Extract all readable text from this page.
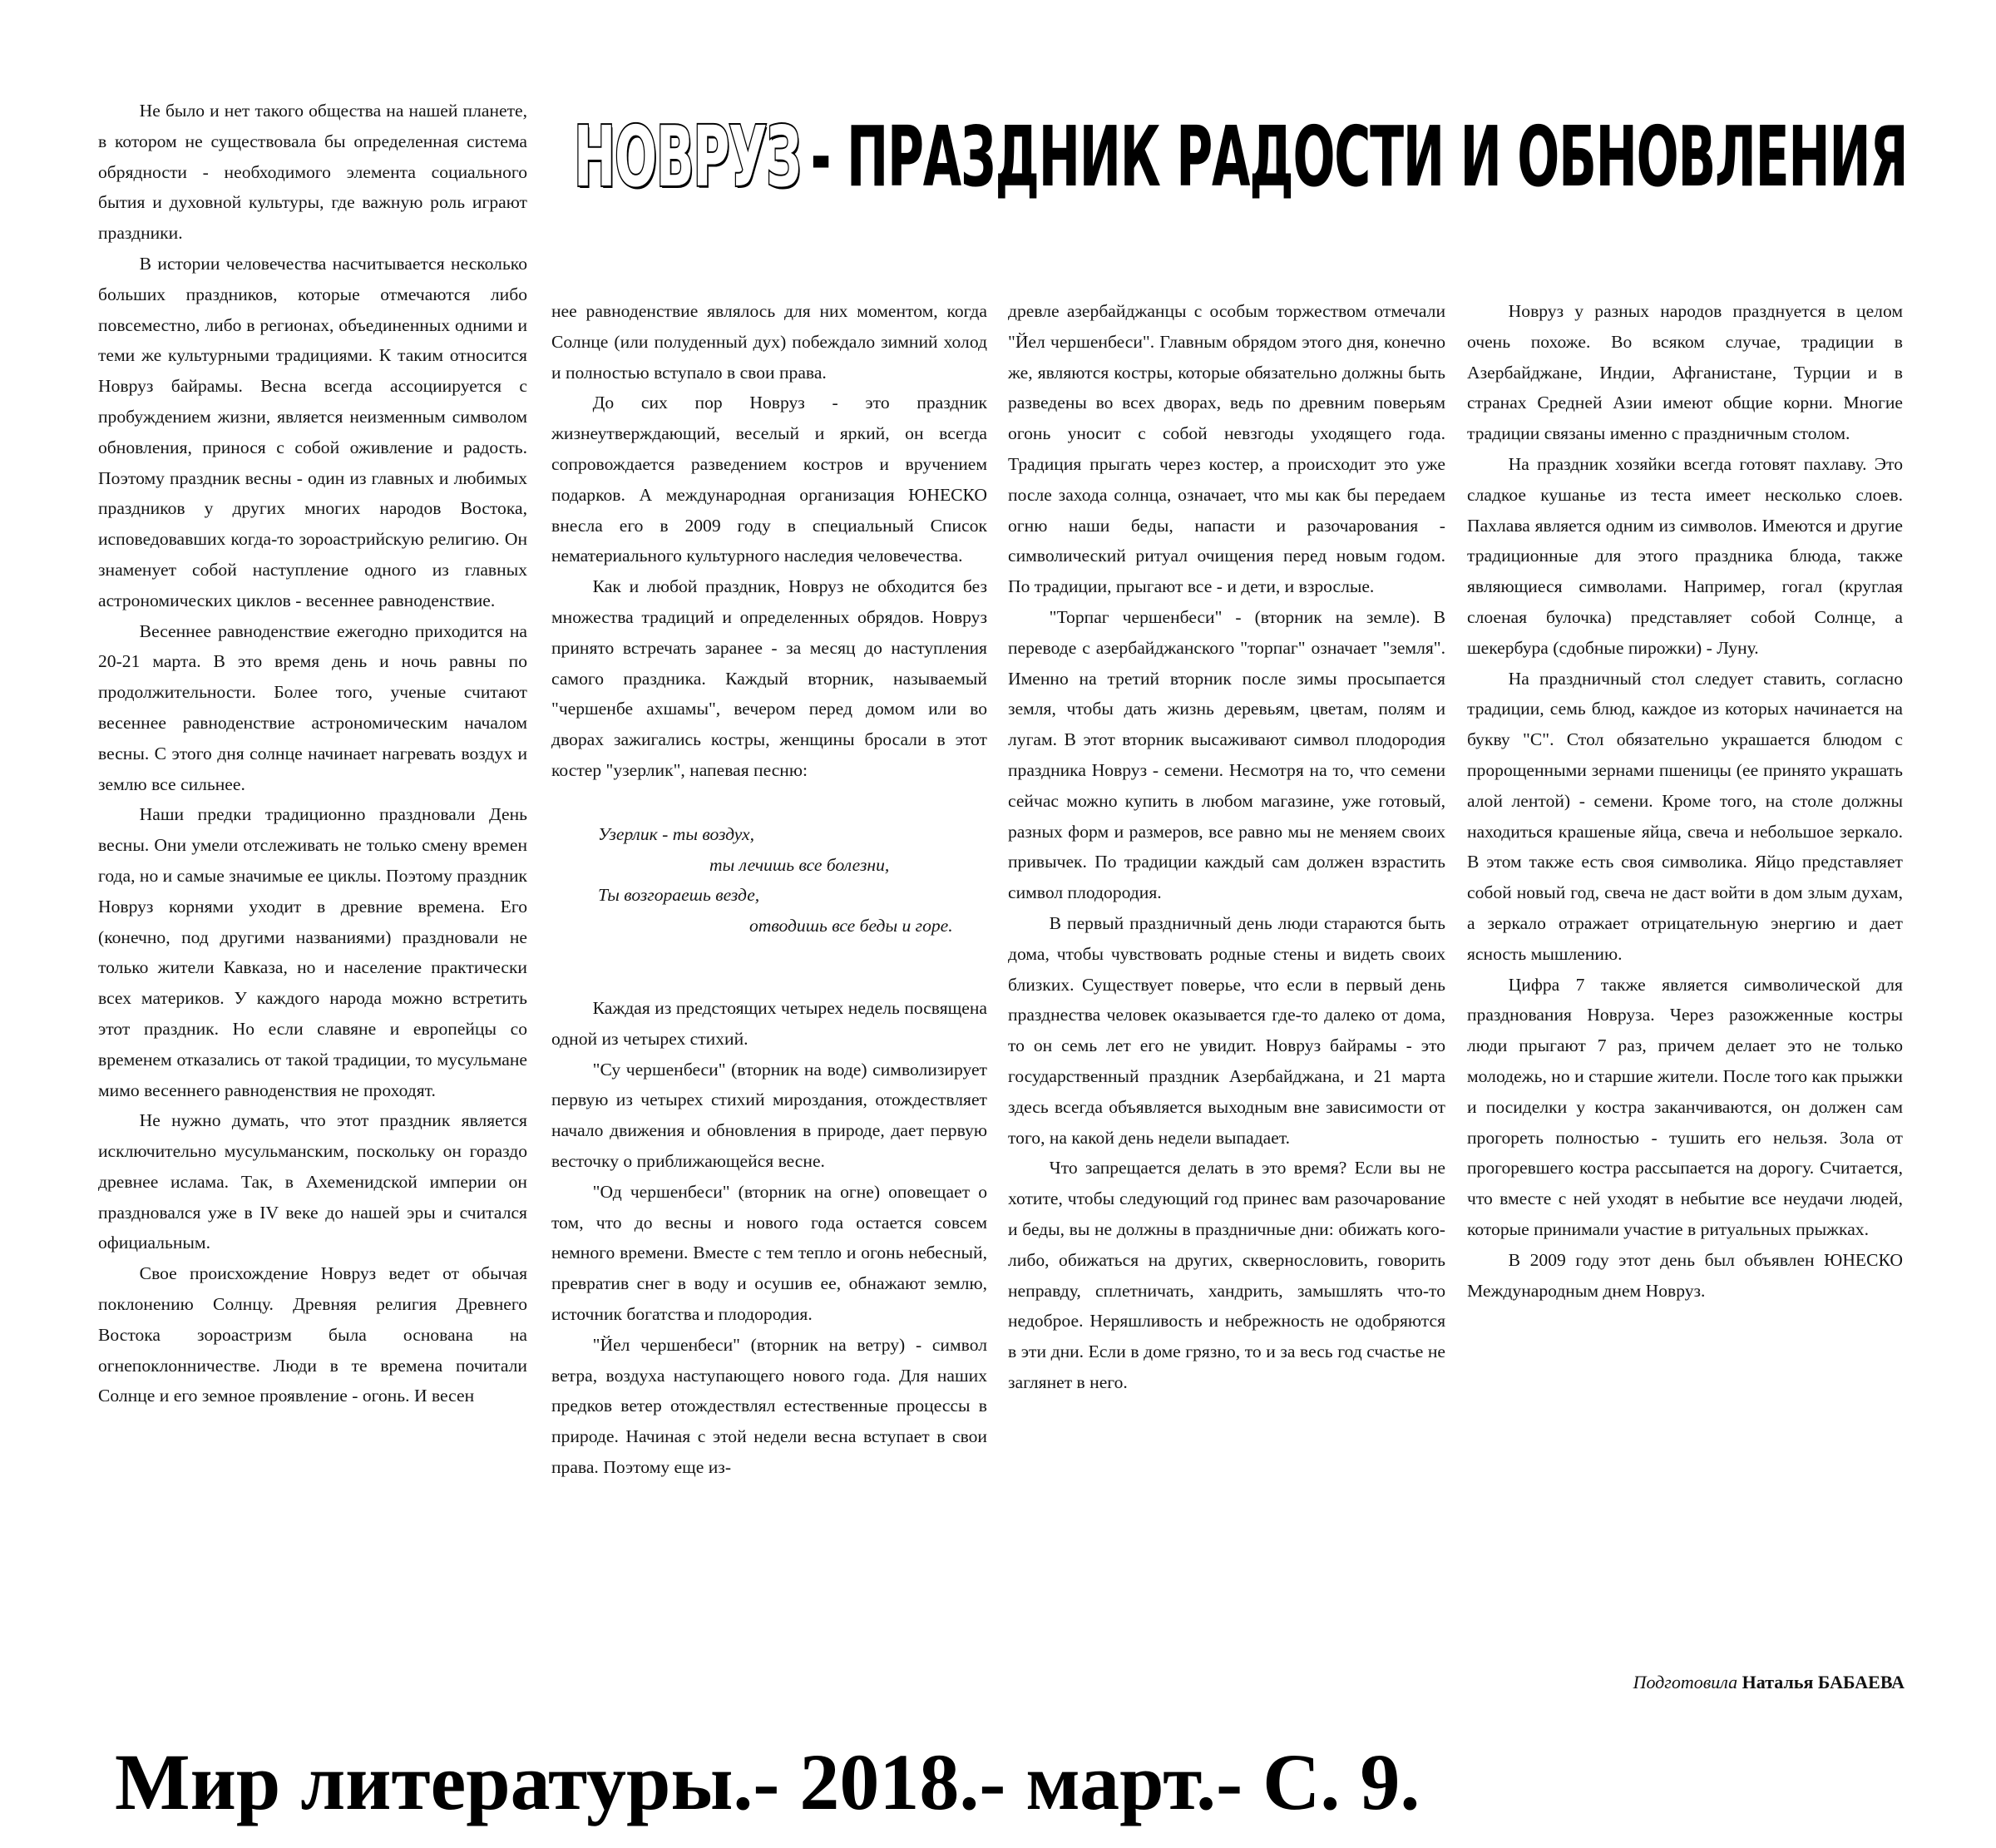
НОВРУЗ - ПРАЗДНИК РАДОСТИ И ОБНОВЛЕНИЯ

Не было и нет такого общества на нашей планете, в котором не существовала бы определенная система обрядности - необходимого элемента социального бытия и духовной культуры, где важную роль играют праздники.

В истории человечества насчитывается несколько больших праздников, которые отмечаются либо повсеместно, либо в регионах, объединенных одними и теми же культурными традициями. К таким относится Новруз байрамы. Весна всегда ассоциируется с пробуждением жизни, является неизменным символом обновления, принося с собой оживление и радость. Поэтому праздник весны - один из главных и любимых праздников у других многих народов Востока, исповедовавших когда-то зороастрийскую религию. Он знаменует собой наступление одного из главных астрономических циклов - весеннее равноденствие.

Весеннее равноденствие ежегодно приходится на 20-21 марта. В это время день и ночь равны по продолжительности. Более того, ученые считают весеннее равноденствие астрономическим началом весны. С этого дня солнце начинает нагревать воздух и землю все сильнее.

Наши предки традиционно праздновали День весны. Они умели отслеживать не только смену времен года, но и самые значимые ее циклы. Поэтому праздник Новруз корнями уходит в древние времена. Его (конечно, под другими названиями) праздновали не только жители Кавказа, но и население практически всех материков. У каждого народа можно встретить этот праздник. Но если славяне и европейцы со временем отказались от такой традиции, то мусульмане мимо весеннего равноденствия не проходят.

Не нужно думать, что этот праздник является исключительно мусульманским, поскольку он гораздо древнее ислама. Так, в Ахеменидской империи он праздновался уже в IV веке до нашей эры и считался официальным.

Свое происхождение Новруз ведет от обычая поклонению Солнцу. Древняя религия Древнего Востока зороастризм была основана на огнепоклонничестве. Люди в те времена почитали Солнце и его земное проявление - огонь. И весен

нее равноденствие являлось для них моментом, когда Солнце (или полуденный дух) побеждало зимний холод и полностью вступало в свои права.

До сих пор Новруз - это праздник жизнеутверждающий, веселый и яркий, он всегда сопровождается разведением костров и вручением подарков. А международная организация ЮНЕСКО внесла его в 2009 году в специальный Список нематериального культурного наследия человечества.

Как и любой праздник, Новруз не обходится без множества традиций и определенных обрядов. Новруз принято встречать заранее - за месяц до наступления самого праздника. Каждый вторник, называемый "чершенбе ахшамы", вечером перед домом или во дворах зажигались костры, женщины бросали в этот костер "узерлик", напевая песню:

Узерлик - ты воздух,
ты лечишь все болезни,
Ты возгораешь везде,
отводишь все беды и горе.

Каждая из предстоящих четырех недель посвящена одной из четырех стихий.

"Су чершенбеси" (вторник на воде) символизирует первую из четырех стихий мироздания, отождествляет начало движения и обновления в природе, дает первую весточку о приближающейся весне.

"Од чершенбеси" (вторник на огне) оповещает о том, что до весны и нового года остается совсем немного времени. Вместе с тем тепло и огонь небесный, превратив снег в воду и осушив ее, обнажают землю, источник богатства и плодородия.

"Йел чершенбеси" (вторник на ветру) - символ ветра, воздуха наступающего нового года. Для наших предков ветер отождествлял естественные процессы в природе. Начиная с этой недели весна вступает в свои права. Поэтому еще из-

древле азербайджанцы с особым торжеством отмечали "Йел чершенбеси". Главным обрядом этого дня, конечно же, являются костры, которые обязательно должны быть разведены во всех дворах, ведь по древним поверьям огонь уносит с собой невзгоды уходящего года. Традиция прыгать через костер, а происходит это уже после захода солнца, означает, что мы как бы передаем огню наши беды, напасти и разочарования - символический ритуал очищения перед новым годом. По традиции, прыгают все - и дети, и взрослые.

"Торпаг чершенбеси" - (вторник на земле). В переводе с азербайджанского "торпаг" означает "земля". Именно на третий вторник после зимы просыпается земля, чтобы дать жизнь деревьям, цветам, полям и лугам. В этот вторник высаживают символ плодородия праздника Новруз - семени. Несмотря на то, что семени сейчас можно купить в любом магазине, уже готовый, разных форм и размеров, все равно мы не меняем своих привычек. По традиции каждый сам должен взрастить символ плодородия.

В первый праздничный день люди стараются быть дома, чтобы чувствовать родные стены и видеть своих близких. Существует поверье, что если в первый день празднества человек оказывается где-то далеко от дома, то он семь лет его не увидит. Новруз байрамы - это государственный праздник Азербайджана, и 21 марта здесь всегда объявляется выходным вне зависимости от того, на какой день недели выпадает.

Что запрещается делать в это время? Если вы не хотите, чтобы следующий год принес вам разочарование и беды, вы не должны в праздничные дни: обижать кого-либо, обижаться на других, сквернословить, говорить неправду, сплетничать, хандрить, замышлять что-то недоброе. Неряшливость и небрежность не одобряются в эти дни. Если в доме грязно, то и за весь год счастье не заглянет в него.

Новруз у разных народов празднуется в целом очень похоже. Во всяком случае, традиции в Азербайджане, Индии, Афганистане, Турции и в странах Средней Азии имеют общие корни. Многие традиции связаны именно с праздничным столом.

На праздник хозяйки всегда готовят пахлаву. Это сладкое кушанье из теста имеет несколько слоев. Пахлава является одним из символов. Имеются и другие традиционные для этого праздника блюда, также являющиеся символами. Например, гогал (круглая слоеная булочка) представляет собой Солнце, а шекербура (сдобные пирожки) - Луну.

На праздничный стол следует ставить, согласно традиции, семь блюд, каждое из которых начинается на букву "С". Стол обязательно украшается блюдом с пророщенными зернами пшеницы (ее принято украшать алой лентой) - семени. Кроме того, на столе должны находиться крашеные яйца, свеча и небольшое зеркало. В этом также есть своя символика. Яйцо представляет собой новый год, свеча не даст войти в дом злым духам, а зеркало отражает отрицательную энергию и дает ясность мышлению.

Цифра 7 также является символической для празднования Новруза. Через разожженные костры люди прыгают 7 раз, причем делает это не только молодежь, но и старшие жители. После того как прыжки и посиделки у костра заканчиваются, он должен сам прогореть полностью - тушить его нельзя. Зола от прогоревшего костра рассыпается на дорогу. Считается, что вместе с ней уходят в небытие все неудачи людей, которые принимали участие в ритуальных прыжках.

В 2009 году этот день был объявлен ЮНЕСКО Международным днем Новруз.

Подготовила Наталья БАБАЕВА
Мир литературы.- 2018.- март.- С. 9.
